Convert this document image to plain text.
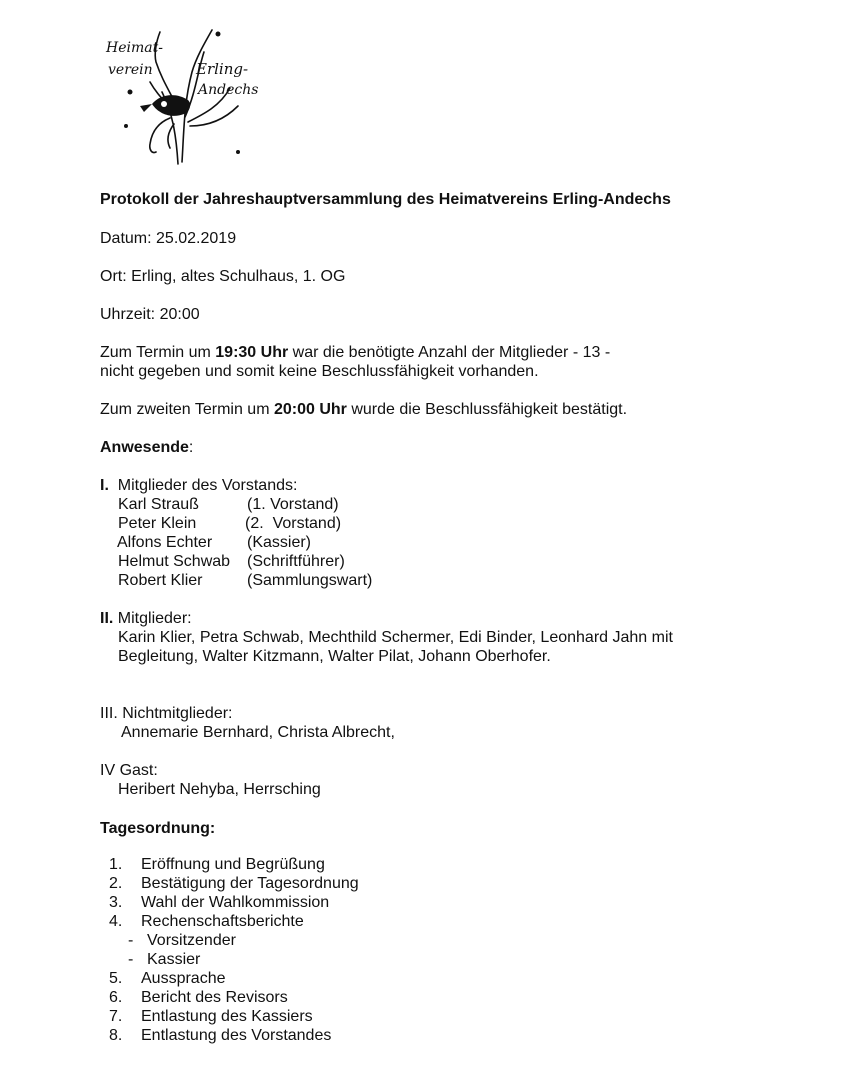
Heimat-
verein	Erling-
Andechs
Protokoll der Jahreshauptversammlung des Heimatvereins Erling-Andechs
Datum: 25.02.2019
Ort: Erling, altes Schulhaus, 1. OG
Uhrzeit: 20:00
Zum Termin um 19:30 Uhr war die benötigte Anzahl der Mitglieder - 13 -
nicht gegeben und somit keine Beschlussfähigkeit vorhanden.
Zum zweiten Termin um 20:00 Uhr wurde die Beschlussfähigkeit bestätigt.
Anwesende:
I.  Mitglieder des Vorstands:
Karl Strauß	(1. Vorstand)
Peter Klein	(2.  Vorstand)
Alfons Echter (Kassier)
Helmut Schwab (Schriftführer)
Robert Klier	(Sammlungswart)
II. Mitglieder:
Karin Klier, Petra Schwab, Mechthild Schermer, Edi Binder, Leonhard Jahn mit
Begleitung, Walter Kitzmann, Walter Pilat, Johann Oberhofer.
III. Nichtmitglieder:
Annemarie Bernhard, Christa Albrecht,
IV Gast:
Heribert Nehyba, Herrsching
Tagesordnung:
1. Eröffnung und Begrüßung
2. Bestätigung der Tagesordnung
3. Wahl der Wahlkommission
4. Rechenschaftsberichte
- Vorsitzender
- Kassier
5. Aussprache
6. Bericht des Revisors
7. Entlastung des Kassiers
8. Entlastung des Vorstandes
